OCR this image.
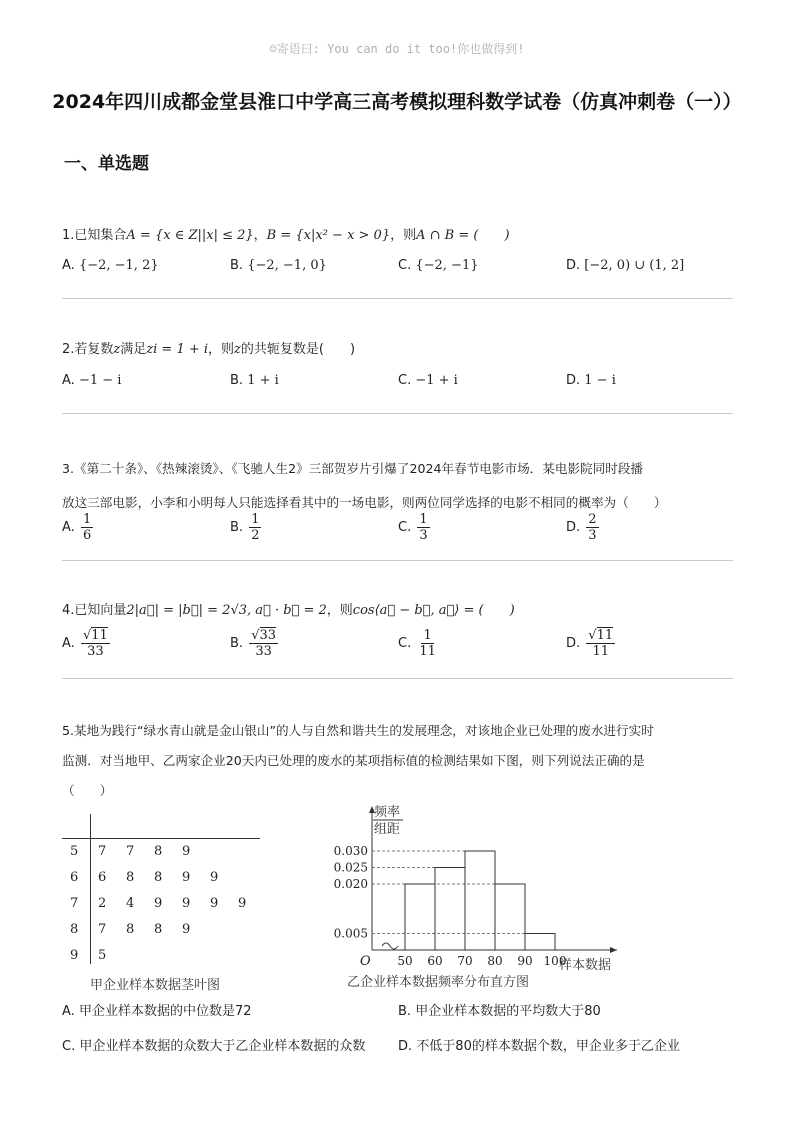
☺寄语曰: You can do it too!你也做得到!
2024年四川成都金堂县淮口中学高三高考模拟理科数学试卷（仿真冲刺卷（一））
一、单选题
1.已知集合A = {x ∈ Z||x| ≤ 2}，B = {x|x² − x > 0}，则A ∩ B = (　　)
A. {−2, −1, 2}	B. {−2, −1, 0}	C. {−2, −1}	D. [−2, 0) ∪ (1, 2]
2.若复数z满足zi = 1 + i，则z的共轭复数是(　　)
A. −1 − i	B. 1 + i	C. −1 + i	D. 1 − i
3.《第二十条》、《热辣滚烫》、《飞驰人生2》三部贺岁片引爆了2024年春节电影市场．某电影院同时段播
放这三部电影，小李和小明每人只能选择看其中的一场电影，则两位同学选择的电影不相同的概率为（　　）
A. $\frac{1}{6}$	B. $\frac{1}{2}$	C. $\frac{1}{3}$	D. $\frac{2}{3}$
4.已知向量2|a⃗| = |b⃗| = 2√3, a⃗ · b⃗ = 2，则cos⟨a⃗ − b⃗, a⃗⟩ = (　　)
A. $\frac{√11}{33}$	B. $\frac{√33}{33}$	C. $\frac{1}{11}$	D. $\frac{√11}{11}$
5.某地为践行“绿水青山就是金山银山”的人与自然和谐共生的发展理念，对该地企业已处理的废水进行实时
监测．对当地甲、乙两家企业20天内已处理的废水的某项指标值的检测结果如下图，则下列说法正确的是
（　　）
5 7 7 8 9
6 6 8 8 9 9
7 2 4 9 9 9 9
8 7 8 8 9
9 5
甲企业样本数据茎叶图
频率
组距
0.030
0.025
0.020
0.005
50 60 70 80 90 100
O	样本数据
乙企业样本数据频率分布直方图
A. 甲企业样本数据的中位数是72	B. 甲企业样本数据的平均数大于80
C. 甲企业样本数据的众数大于乙企业样本数据的众数	D. 不低于80的样本数据个数，甲企业多于乙企业
